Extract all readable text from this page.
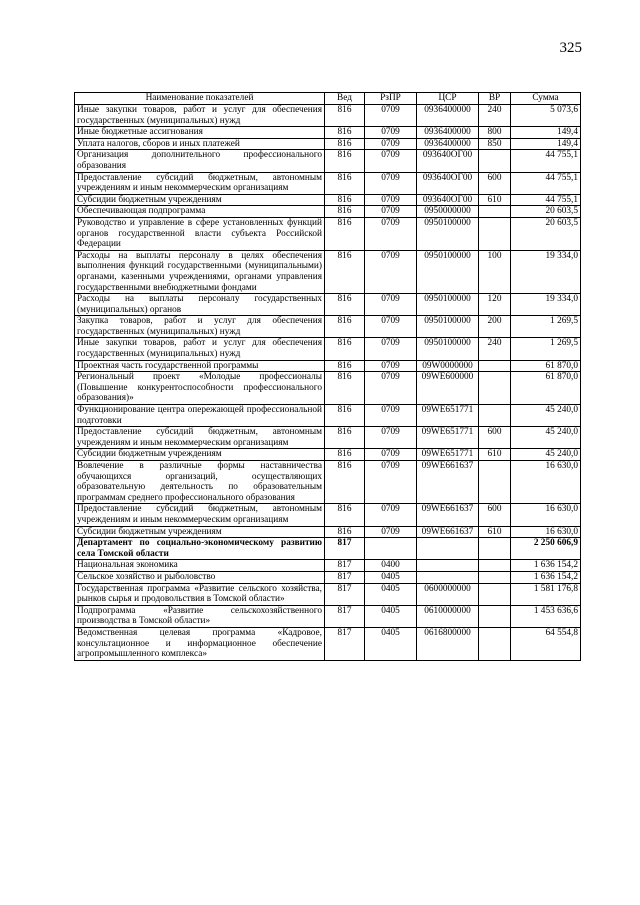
325
Наименование показателей	Вед	РзПР	ЦСР	ВР	Сумма
Иные закупки товаров, работ и услуг для обеспечения государственных (муниципальных) нужд	816	0709	0936400000	240	5 073,6
Иные бюджетные ассигнования	816	0709	0936400000	800	149,4
Уплата налогов, сборов и иных платежей	816	0709	0936400000	850	149,4
Организация дополнительного профессионального образования	816	0709	093640ОГ00		44 755,1
Предоставление субсидий бюджетным, автономным учреждениям и иным некоммерческим организациям	816	0709	093640ОГ00	600	44 755,1
Субсидии бюджетным учреждениям	816	0709	093640ОГ00	610	44 755,1
Обеспечивающая подпрограмма	816	0709	0950000000		20 603,5
Руководство и управление в сфере установленных функций органов государственной власти субъекта Российской Федерации	816	0709	0950100000		20 603,5
Расходы на выплаты персоналу в целях обеспечения выполнения функций государственными (муниципальными) органами, казенными учреждениями, органами управления государственными внебюджетными фондами	816	0709	0950100000	100	19 334,0
Расходы на выплаты персоналу государственных (муниципальных) органов	816	0709	0950100000	120	19 334,0
Закупка товаров, работ и услуг для обеспечения государственных (муниципальных) нужд	816	0709	0950100000	200	1 269,5
Иные закупки товаров, работ и услуг для обеспечения государственных (муниципальных) нужд	816	0709	0950100000	240	1 269,5
Проектная часть государственной программы	816	0709	09W0000000		61 870,0
Региональный проект «Молодые профессионалы (Повышение конкурентоспособности профессионального образования)»	816	0709	09WE600000		61 870,0
Функционирование центра опережающей профессиональной подготовки	816	0709	09WE651771		45 240,0
Предоставление субсидий бюджетным, автономным учреждениям и иным некоммерческим организациям	816	0709	09WE651771	600	45 240,0
Субсидии бюджетным учреждениям	816	0709	09WE651771	610	45 240,0
Вовлечение в различные формы наставничества обучающихся организаций, осуществляющих образовательную деятельность по образовательным программам среднего профессионального образования	816	0709	09WE661637		16 630,0
Предоставление субсидий бюджетным, автономным учреждениям и иным некоммерческим организациям	816	0709	09WE661637	600	16 630,0
Субсидии бюджетным учреждениям	816	0709	09WE661637	610	16 630,0
Департамент по социально-экономическому развитию села Томской области	817				2 250 606,9
Национальная экономика	817	0400			1 636 154,2
Сельское хозяйство и рыболовство	817	0405			1 636 154,2
Государственная программа «Развитие сельского хозяйства, рынков сырья и продовольствия в Томской области»	817	0405	0600000000		1 581 176,8
Подпрограмма «Развитие сельскохозяйственного производства в Томской области»	817	0405	0610000000		1 453 636,6
Ведомственная целевая программа «Кадровое, консультационное и информационное обеспечение агропромышленного комплекса»	817	0405	0616800000		64 554,8
